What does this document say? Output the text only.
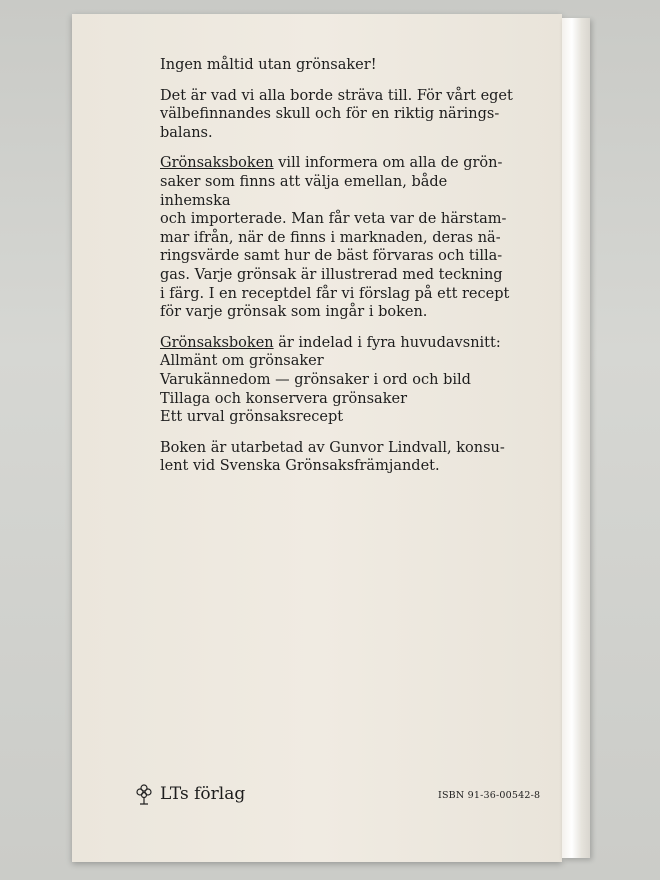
Ingen måltid utan grönsaker!

Det är vad vi alla borde sträva till. För vårt eget
välbefinnandes skull och för en riktig närings-
balans.

Grönsaksboken vill informera om alla de grön-
saker som finns att välja emellan, både inhemska
och importerade. Man får veta var de härstam-
mar ifrån, när de finns i marknaden, deras nä-
ringsvärde samt hur de bäst förvaras och tilla-
gas. Varje grönsak är illustrerad med teckning
i färg. I en receptdel får vi förslag på ett recept
för varje grönsak som ingår i boken.

Grönsaksboken är indelad i fyra huvudavsnitt:
Allmänt om grönsaker
Varukännedom — grönsaker i ord och bild
Tillaga och konservera grönsaker
Ett urval grönsaksrecept

Boken är utarbetad av Gunvor Lindvall, konsu-
lent vid Svenska Grönsaksfrämjandet.

LTs förlag	ISBN 91-36-00542-8
